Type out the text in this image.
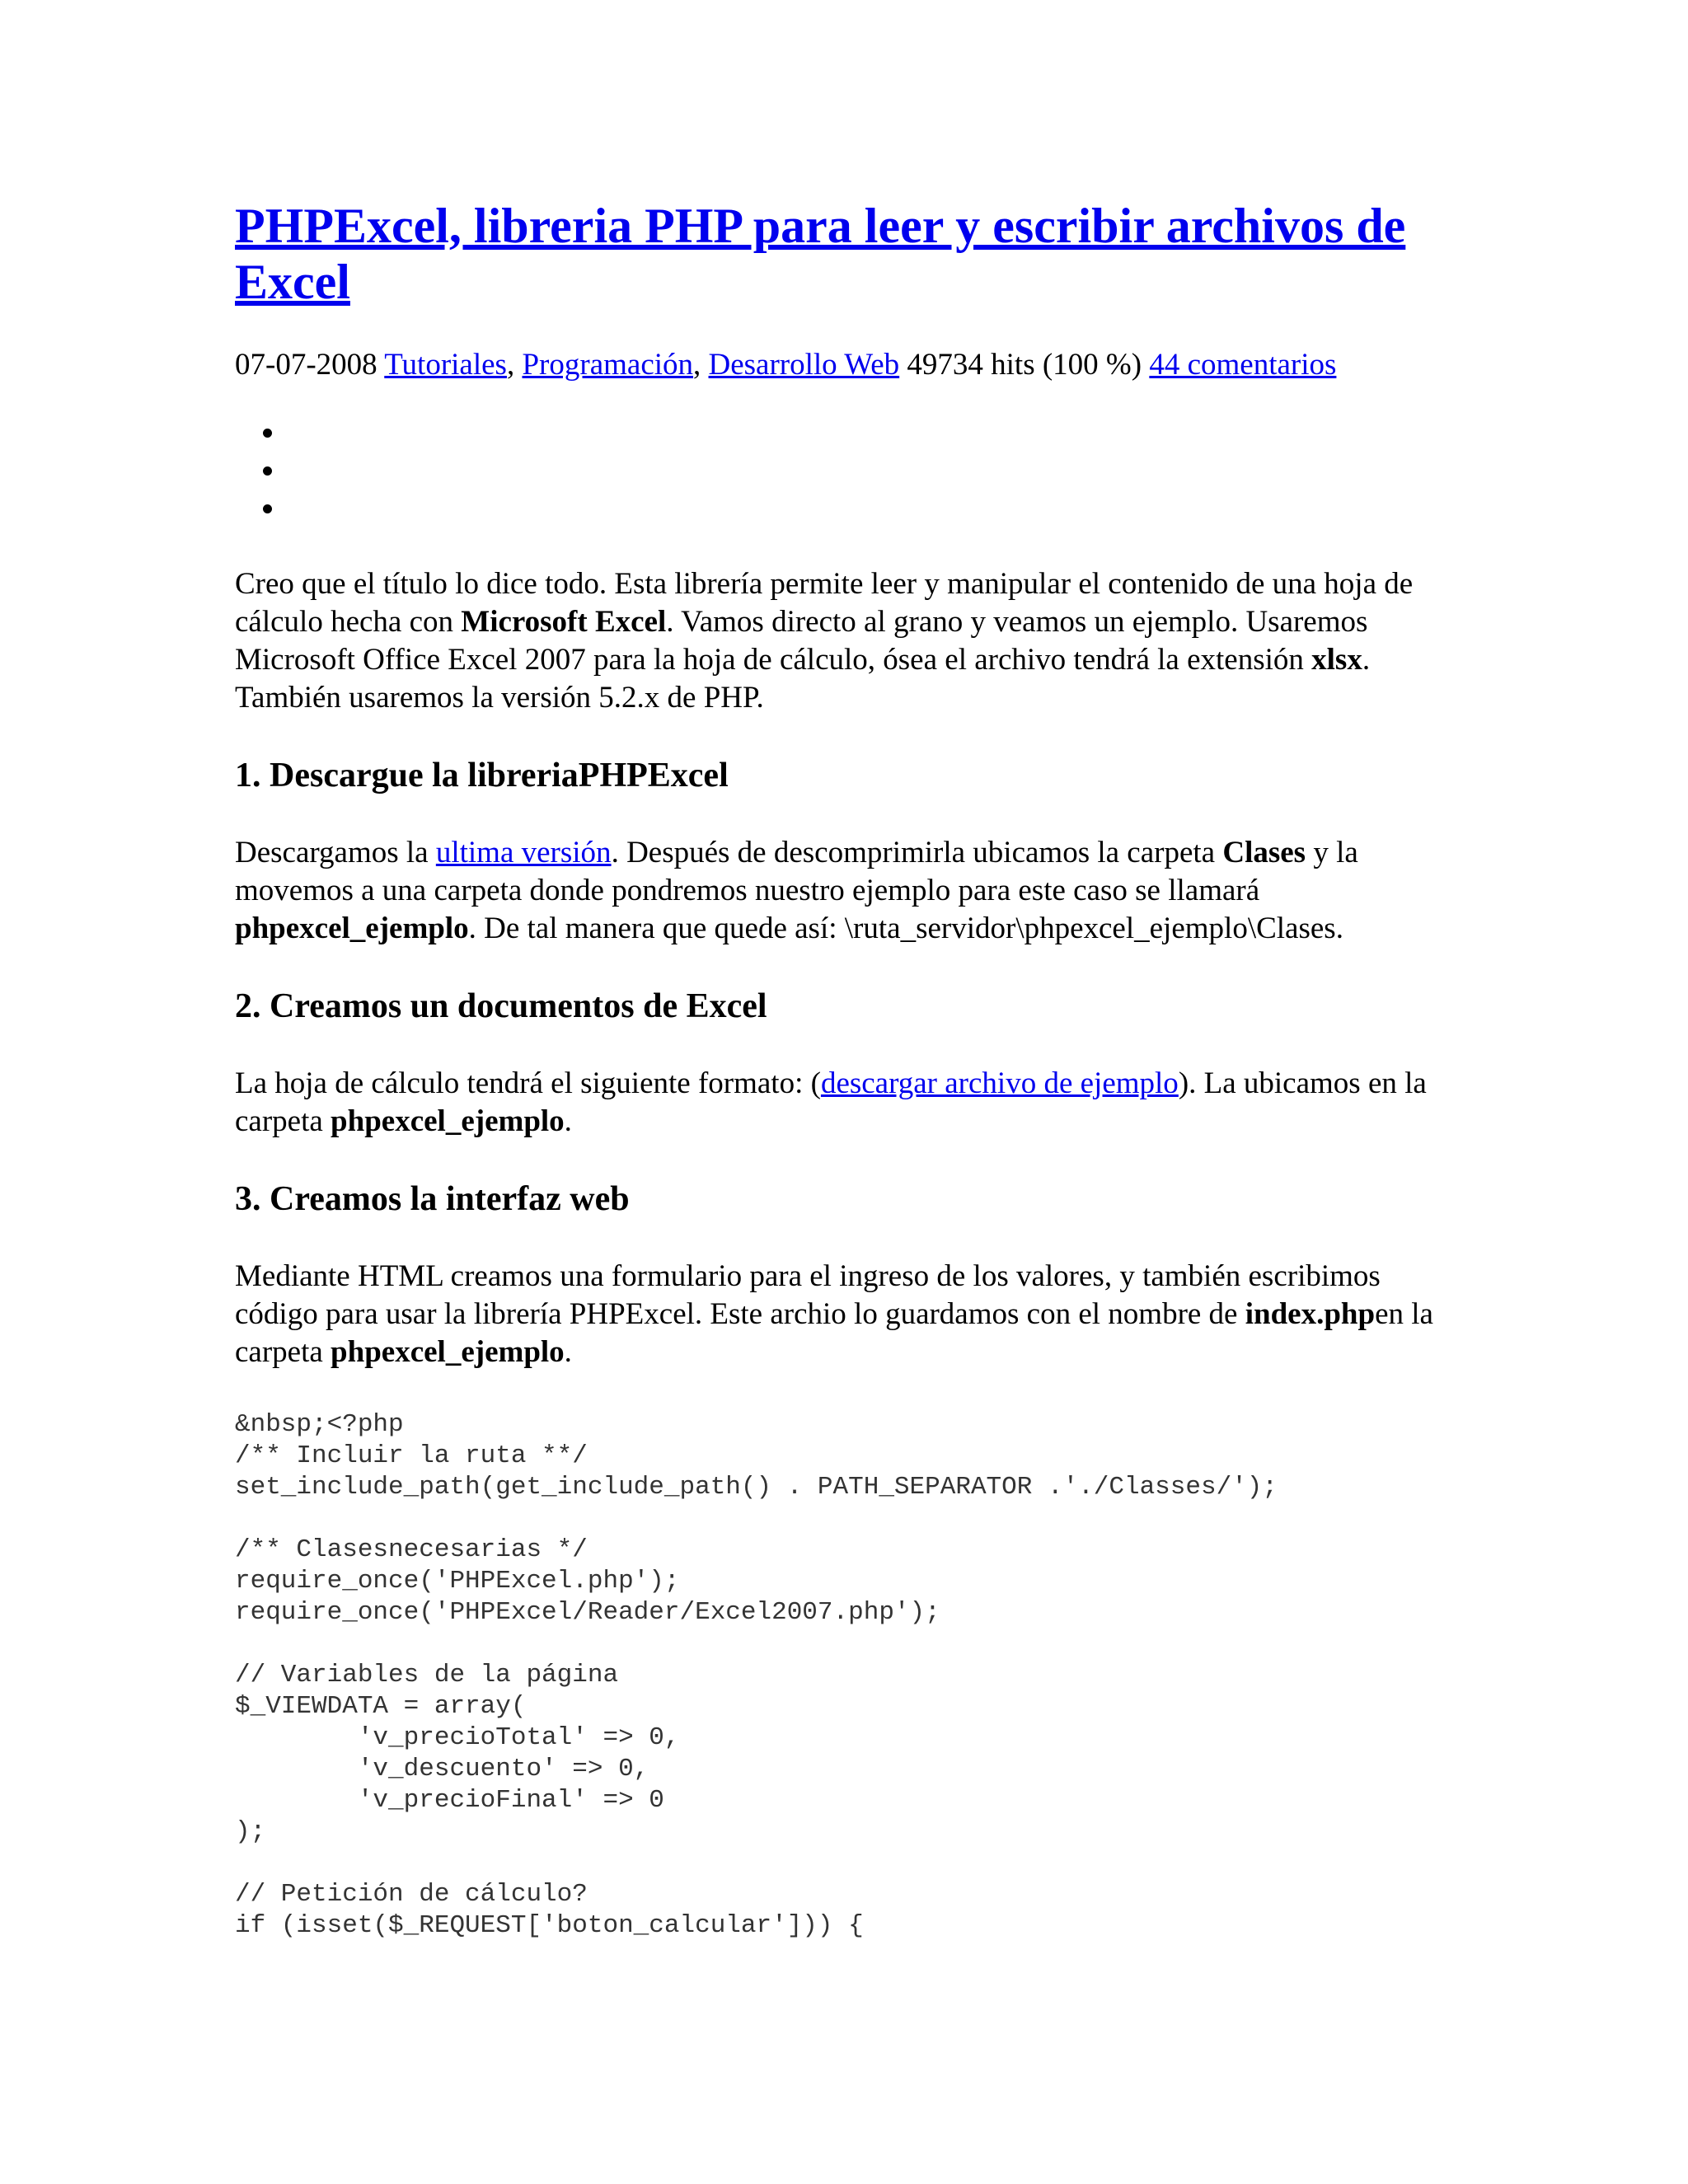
PHPExcel, libreria PHP para leer y escribir archivos de Excel
07-07-2008 Tutoriales, Programación, Desarrollo Web 49734 hits (100 %) 44 comentarios
•
•
•

Creo que el título lo dice todo. Esta librería permite leer y manipular el contenido de una hoja de cálculo hecha con Microsoft Excel. Vamos directo al grano y veamos un ejemplo. Usaremos Microsoft Office Excel 2007 para la hoja de cálculo, ósea el archivo tendrá la extensión xlsx. También usaremos la versión 5.2.x de PHP.

1. Descargue la libreriaPHPExcel

Descargamos la ultima versión. Después de descomprimirla ubicamos la carpeta Clases y la movemos a una carpeta donde pondremos nuestro ejemplo para este caso se llamará phpexcel_ejemplo. De tal manera que quede así: \ruta_servidor\phpexcel_ejemplo\Clases.

2. Creamos un documentos de Excel

La hoja de cálculo tendrá el siguiente formato: (descargar archivo de ejemplo). La ubicamos en la carpeta phpexcel_ejemplo.

3. Creamos la interfaz web

Mediante HTML creamos una formulario para el ingreso de los valores, y también escribimos código para usar la librería PHPExcel. Este archio lo guardamos con el nombre de index.phpen la carpeta phpexcel_ejemplo.

&nbsp;<?php
/** Incluir la ruta **/
set_include_path(get_include_path() . PATH_SEPARATOR .'./Classes/');

/** Clasesnecesarias */
require_once('PHPExcel.php');
require_once('PHPExcel/Reader/Excel2007.php');

// Variables de la página
$_VIEWDATA = array(
'v_precioTotal' => 0,
'v_descuento' => 0,
'v_precioFinal' => 0
);

// Petición de cálculo?
if (isset($_REQUEST['boton_calcular'])) {
